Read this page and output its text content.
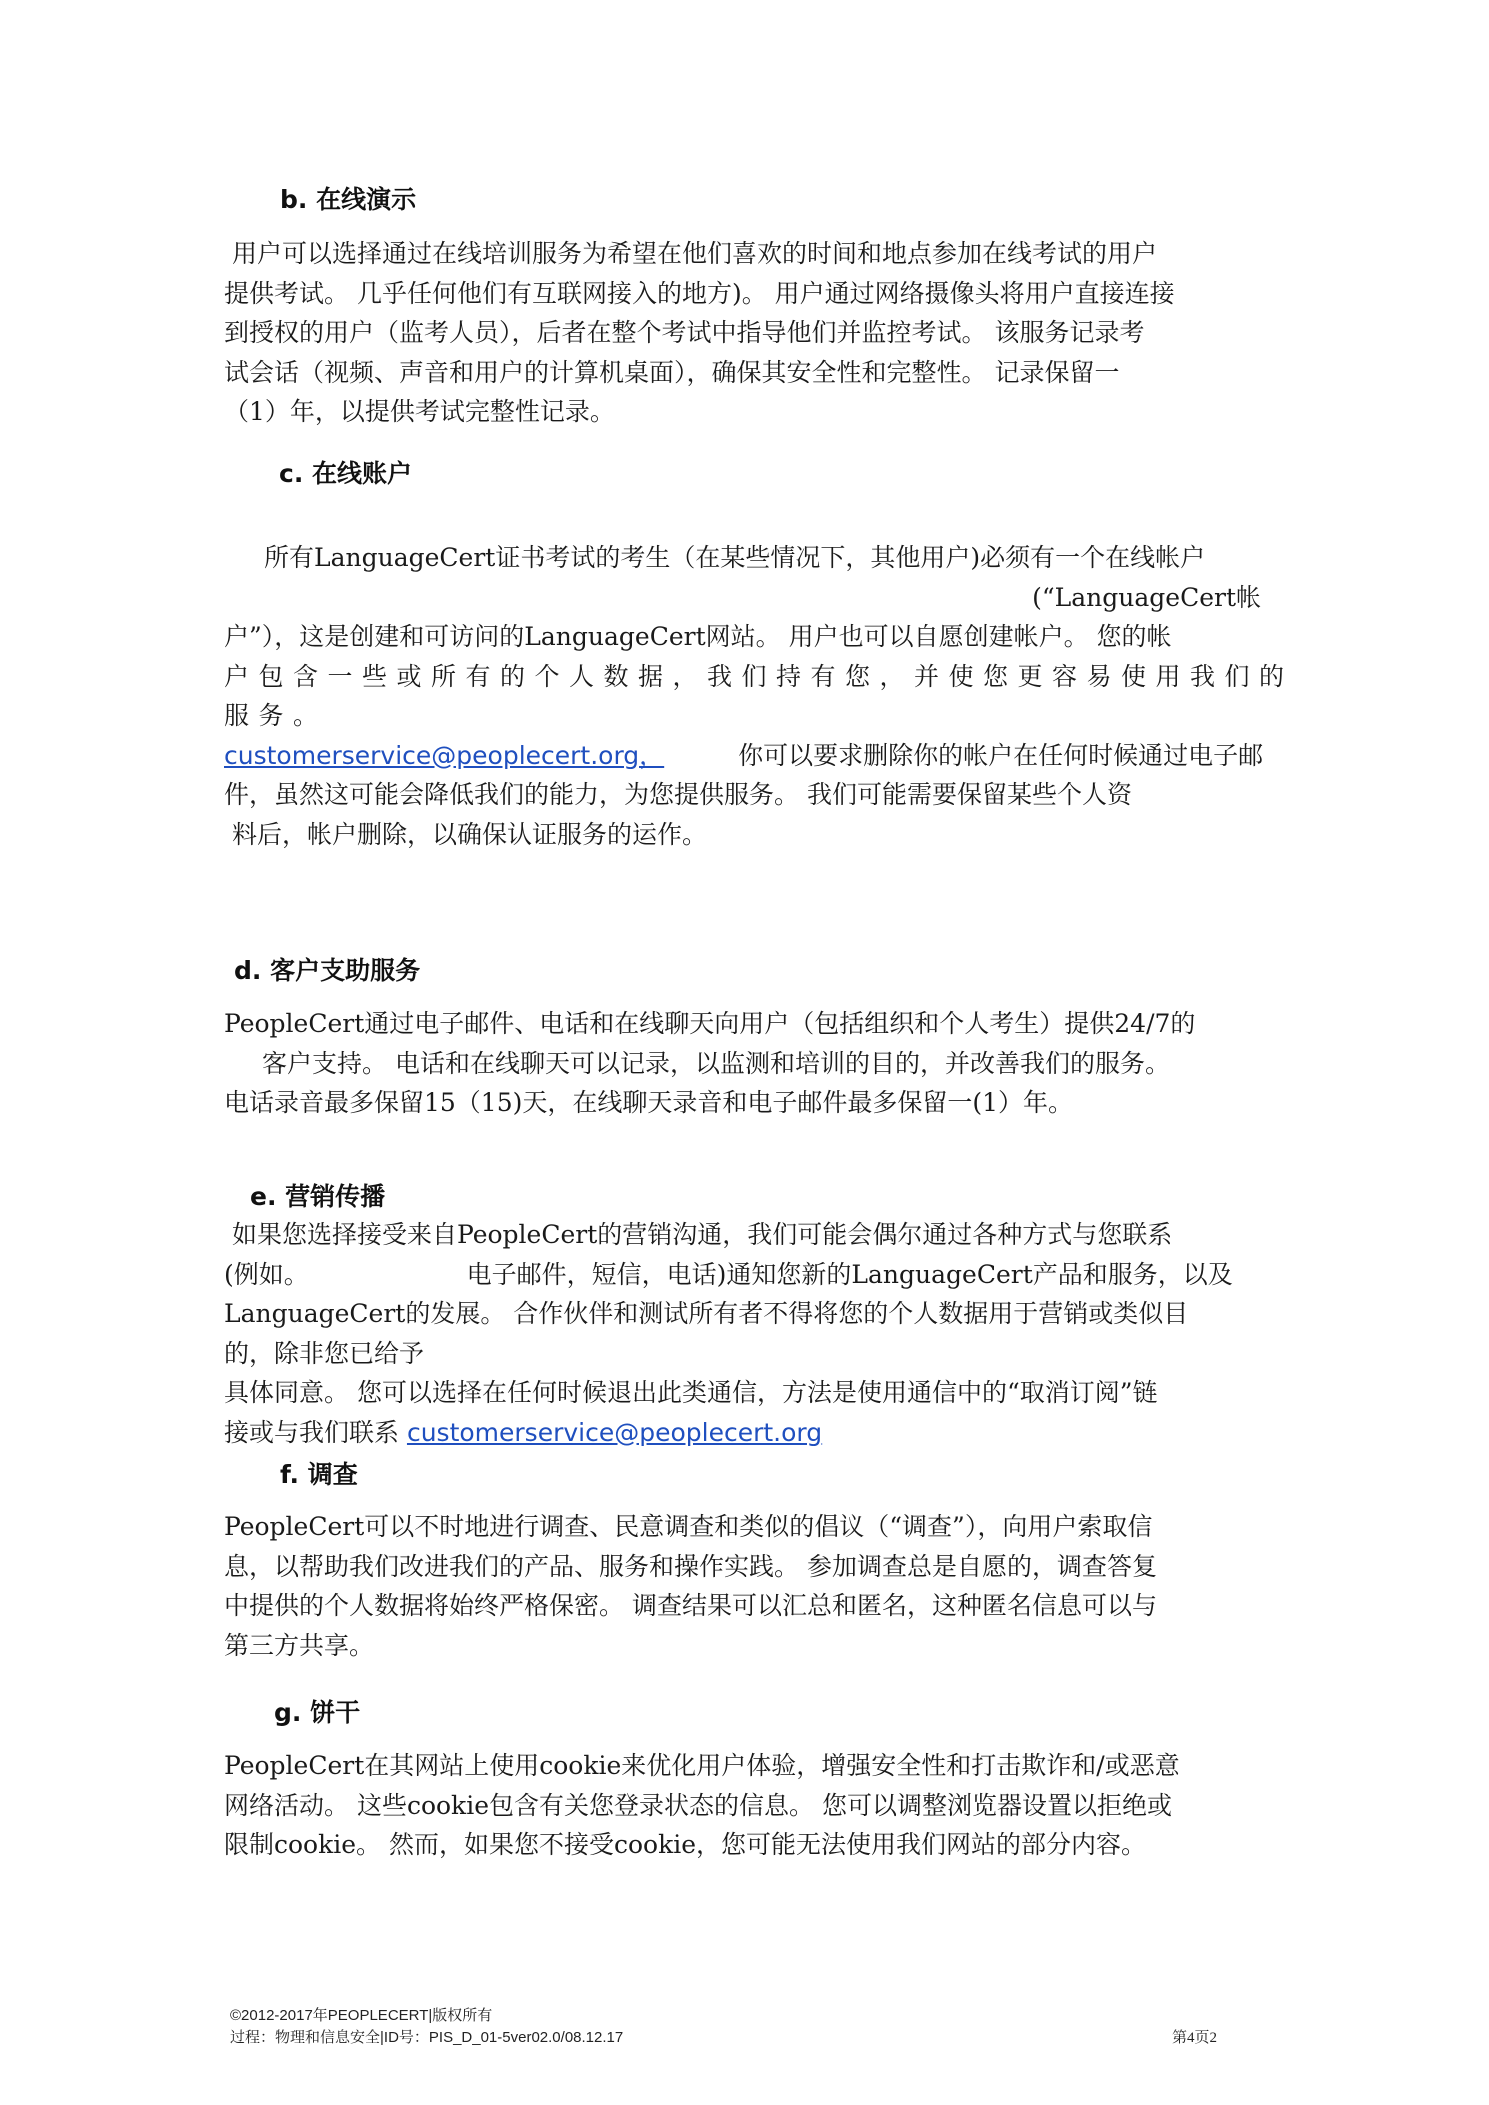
b. 在线演示
用户可以选择通过在线培训服务为希望在他们喜欢的时间和地点参加在线考试的用户
提供考试。 几乎任何他们有互联网接入的地方)。 用户通过网络摄像头将用户直接连接
到授权的用户（监考人员），后者在整个考试中指导他们并监控考试。 该服务记录考
试会话（视频、声音和用户的计算机桌面），确保其安全性和完整性。 记录保留一
（1）年，以提供考试完整性记录。
c. 在线账户
所有LanguageCert证书考试的考生（在某些情况下，其他用户)必须有一个在线帐户
(“LanguageCert帐
户”），这是创建和可访问的LanguageCert网站。 用户也可以自愿创建帐户。 您的帐
户包含一些或所有的个人数据，我们持有您，并使您更容易使用我们的
服务。
customerservice@peoplecert.org，	你可以要求删除你的帐户在任何时候通过电子邮
件，虽然这可能会降低我们的能力，为您提供服务。 我们可能需要保留某些个人资
料后，帐户删除，以确保认证服务的运作。
d. 客户支助服务
PeopleCert通过电子邮件、电话和在线聊天向用户（包括组织和个人考生）提供24/7的
客户支持。 电话和在线聊天可以记录，以监测和培训的目的，并改善我们的服务。
电话录音最多保留15（15)天，在线聊天录音和电子邮件最多保留一(1）年。
e. 营销传播
如果您选择接受来自PeopleCert的营销沟通，我们可能会偶尔通过各种方式与您联系
(例如。	电子邮件，短信，电话)通知您新的LanguageCert产品和服务，以及
LanguageCert的发展。 合作伙伴和测试所有者不得将您的个人数据用于营销或类似目
的，除非您已给予
具体同意。 您可以选择在任何时候退出此类通信，方法是使用通信中的“取消订阅”链
接或与我们联系 customerservice@peoplecert.org
f. 调查
PeopleCert可以不时地进行调查、民意调查和类似的倡议（“调查”），向用户索取信
息，以帮助我们改进我们的产品、服务和操作实践。 参加调查总是自愿的，调查答复
中提供的个人数据将始终严格保密。 调查结果可以汇总和匿名，这种匿名信息可以与
第三方共享。
g. 饼干
PeopleCert在其网站上使用cookie来优化用户体验，增强安全性和打击欺诈和/或恶意
网络活动。 这些cookie包含有关您登录状态的信息。 您可以调整浏览器设置以拒绝或
限制cookie。 然而，如果您不接受cookie，您可能无法使用我们网站的部分内容。
©2012-2017年PEOPLECERT|版权所有
过程：物理和信息安全|ID号：PIS_D_01-5ver02.0/08.12.17	第4页2
